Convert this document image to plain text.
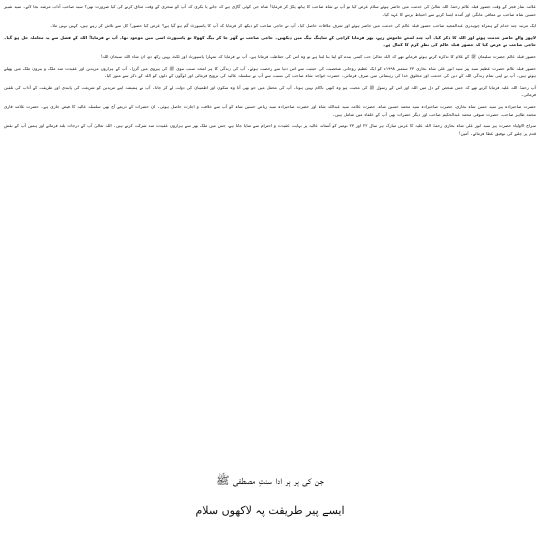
علامہ نماز فجر کے وقت حضور قبلہ عالم رحمۃ اللہ تعالیٰ کی خدمت میں حاضر ہوئے سلام عرض کیا تو آپ نے شاہ صاحب کا ہاتھ پکڑ کر فرمایا! شاہ جی کوئی گاڑی ہے کہ جانے یا بکری کہ آپ کو سحری کے وقت مذاق کرنے کی کیا ضرورت تھی؟ سید صاحب آداب مرشد بجا لائے۔ سید شبیر حسین شاہ صاحب نے معافی مانگی اور آئندہ ایسا کرنے سے احتیاط برتنے کا عہد کیا۔

ایک مرتبہ چند خدام کے ہمراہ چوہدری عبدالمجید صاحب حضور قبلہ عالم کی خدمت میں حاضر ہوئے اور شرفِ ملاقات حاصل کیا۔ آپ نے حاجی صاحب کو دیکھ کر فرمایا کہ آپ کا پاسپورٹ گم ہو گیا ہے؟ عرض کیا حضور! کل سے تلاش کر رہے ہیں، کہیں نہیں ملا۔

لاہور والے حاضر خدمت ہوئے اور اللہ کا ذکر کیا۔ آپ چند لمحے خاموش رہے، پھر فرمایا کراچی کے شاپنگ بیگ میں دیکھیں۔ حاجی صاحب نے گھر جا کر بیگ کھولا تو پاسپورٹ اسی میں موجود تھا۔ آپ نے فرمایا! اللہ کے فضل سے یہ معاملہ حل ہو گیا۔ حاجی صاحب نے عرض کیا کہ حضور قبلہ عالم کی نظرِ کرم کا کمال ہے۔

حضور قبلہ عالم حضرت سلیمان ﷺ کے غلام کا تذکرہ کرتے ہوئے فرماتے تھے کہ اللہ تعالیٰ جب کسی بندے کو اپنا بنا لیتا ہے تو وہ اس کی حفاظت فرماتا ہے۔ آپ نے فرمایا کہ تمہارا پاسپورٹ اور ٹکٹ یہیں رکھ دو، ان شاء اللہ سبحان اللہ!

حضور قبلہ عالم حضرت عظیم سید پیر سید انور علی شاہ بخاری ۲۳ ستمبر ۱۹۹۸ء کو ایک عظیم روحانی شخصیت کی حیثیت سے اس دنیا سے رخصت ہوئے۔ آپ کی زندگی کا ہر لمحہ سنتِ نبوی ﷺ کی پیروی میں گزرا۔ آپ کے ہزاروں مریدین اور عقیدت مند ملک و بیرون ملک میں پھیلے ہوئے ہیں۔ آپ نے اپنی تمام زندگی اللہ کے دین کی خدمت اور مخلوقِ خدا کی رہنمائی میں صرف فرمائی۔ حضرت خواجہ شاہ صاحب کی نسبت سے آپ نے سلسلہ عالیہ کی ترویج فرمائی اور لوگوں کے دلوں کو اللہ کے ذکر سے منور کیا۔

آپ رحمۃ اللہ علیہ فرمایا کرتے تھے کہ جس شخص کے دل میں اللہ اور اس کے رسول ﷺ کی محبت ہو وہ کبھی ناکام نہیں ہوتا۔ آپ کی محفل میں جو بھی آتا وہ سکون اور اطمینان کی دولت لے کر جاتا۔ آپ نے ہمیشہ اپنے مریدین کو شریعت کی پابندی اور طریقت کے آداب کی تلقین فرمائی۔

حضرت صاحبزادہ پیر سید حسن شاہ بخاری، حضرت صاحبزادہ سید محمد حسین شاہ، حضرت علامہ سید عبداللہ شاہ اور حضرت صاحبزادہ سید ریاض حسین شاہ کو آپ سے خلافت و اجازت حاصل ہوئی۔ ان حضرات کے ذریعے آج بھی سلسلہ عالیہ کا فیض جاری ہے۔ حضرت علامہ قاری محمد طاہر صاحب، حضرت صوفی محمد عبدالحکیم صاحب اور دیگر حضرات بھی آپ کے خلفاء میں شامل ہیں۔

سراج الاولیاء حضرت پیر سید انور علی شاہ بخاری رحمۃ اللہ علیہ کا عرس مبارک ہر سال ۲۲ اور ۲۳ نومبر کو آستانہ عالیہ پر نہایت عقیدت و احترام سے منایا جاتا ہے، جس میں ملک بھر سے ہزاروں عقیدت مند شرکت کرتے ہیں۔ اللہ تعالیٰ آپ کے درجات بلند فرمائے اور ہمیں آپ کے نقشِ قدم پر چلنے کی توفیق عطا فرمائے۔ آمین!

جن کی ہر ہر ادا سنتِ مصطفی ﷺ
ایسے پیر طریقت پہ لاکھوں سلام
